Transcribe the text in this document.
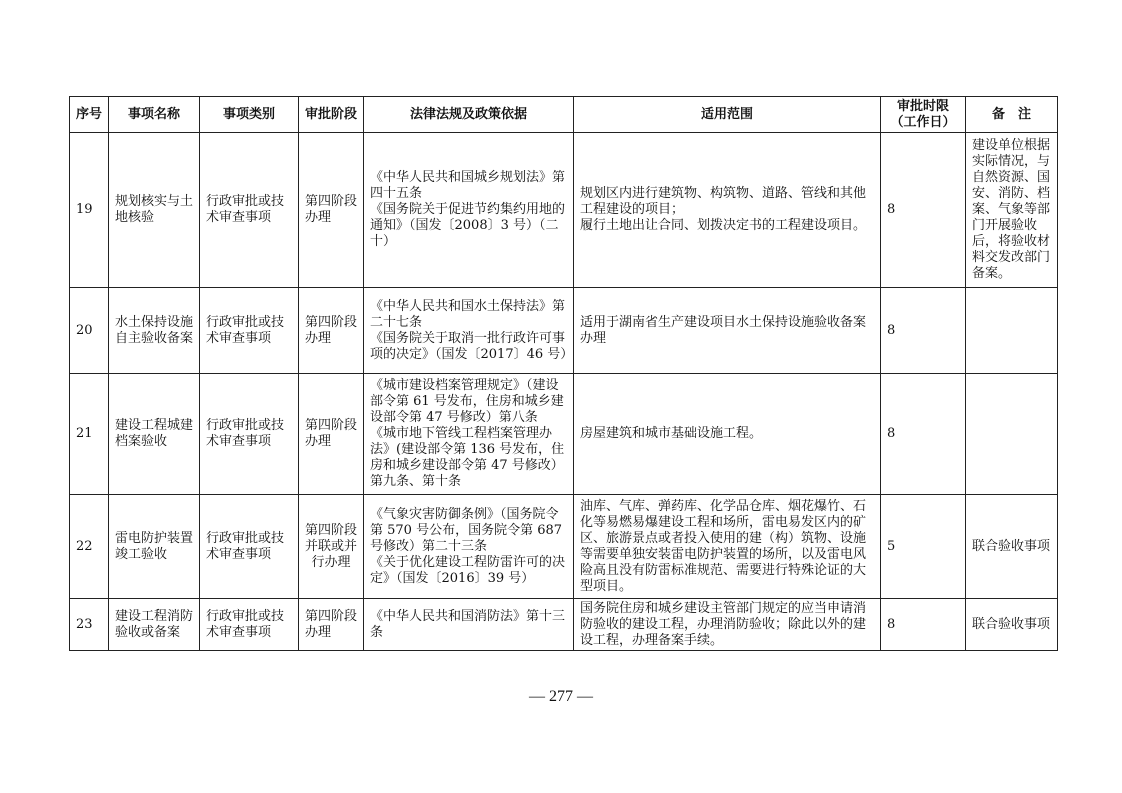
序号	事项名称	事项类别	审批阶段	法律法规及政策依据	适用范围	审批时限（工作日）	备　注
19	规划核实与土地核验	行政审批或技术审查事项	第四阶段办理	《中华人民共和国城乡规划法》第四十五条
《国务院关于促进节约集约用地的通知》（国发〔2008〕3 号）（二十）	规划区内进行建筑物、构筑物、道路、管线和其他工程建设的项目；
履行土地出让合同、划拨决定书的工程建设项目。	8	建设单位根据实际情况，与自然资源、国安、消防、档案、气象等部门开展验收后，将验收材料交发改部门备案。
20	水土保持设施自主验收备案	行政审批或技术审查事项	第四阶段办理	《中华人民共和国水土保持法》第二十七条
《国务院关于取消一批行政许可事项的决定》（国发〔2017〕46 号）	适用于湖南省生产建设项目水土保持设施验收备案办理	8	
21	建设工程城建档案验收	行政审批或技术审查事项	第四阶段办理	《城市建设档案管理规定》（建设部令第 61 号发布，住房和城乡建设部令第 47 号修改）第八条
《城市地下管线工程档案管理办法》(建设部令第 136 号发布，住房和城乡建设部令第 47 号修改）第九条、第十条	房屋建筑和城市基础设施工程。	8	
22	雷电防护装置竣工验收	行政审批或技术审查事项	第四阶段并联或并行办理	《气象灾害防御条例》（国务院令第 570 号公布，国务院令第 687 号修改）第二十三条
《关于优化建设工程防雷许可的决定》（国发〔2016〕39 号）	油库、气库、弹药库、化学品仓库、烟花爆竹、石化等易燃易爆建设工程和场所，雷电易发区内的矿区、旅游景点或者投入使用的建（构）筑物、设施等需要单独安装雷电防护装置的场所，以及雷电风险高且没有防雷标准规范、需要进行特殊论证的大型项目。	5	联合验收事项
23	建设工程消防验收或备案	行政审批或技术审查事项	第四阶段办理	《中华人民共和国消防法》第十三条	国务院住房和城乡建设主管部门规定的应当申请消防验收的建设工程，办理消防验收；除此以外的建设工程，办理备案手续。	8	联合验收事项
— 277 —
